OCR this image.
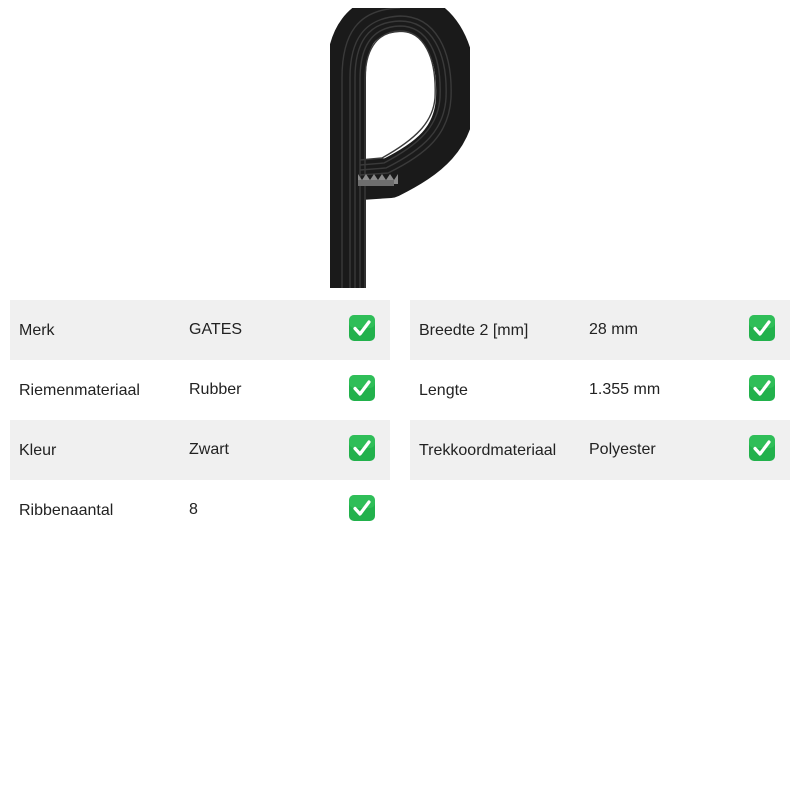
Merk	GATES
Riemenmateriaal	Rubber
Kleur	Zwart
Ribbenaantal	8
Breedte 2 [mm]	28 mm
Lengte	1.355 mm
Trekkoordmateriaal Polyester
